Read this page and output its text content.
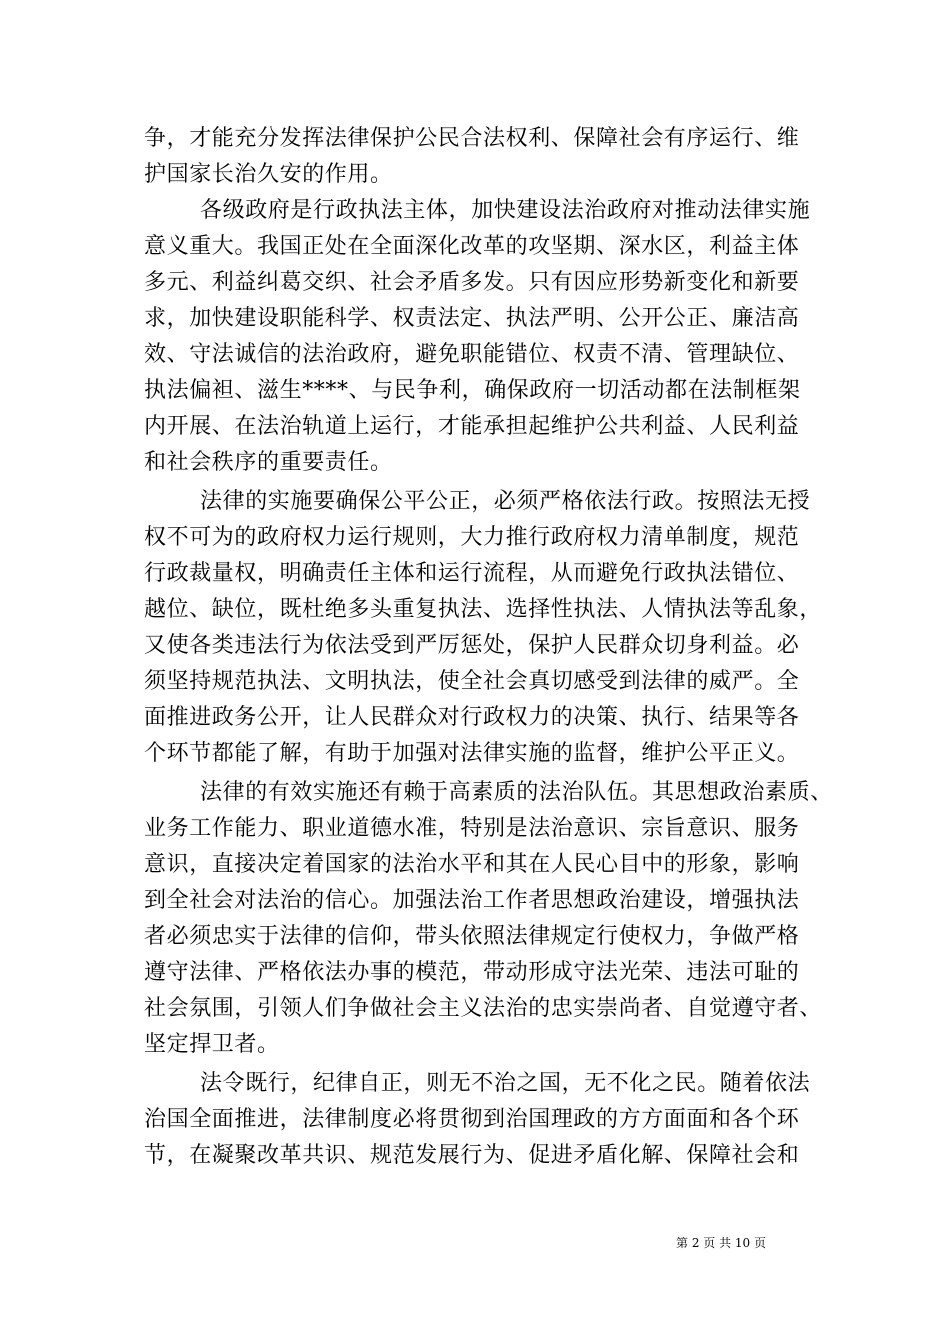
争，才能充分发挥法律保护公民合法权利、保障社会有序运行、维
护国家长治久安的作用。
各级政府是行政执法主体，加快建设法治政府对推动法律实施
意义重大。我国正处在全面深化改革的攻坚期、深水区，利益主体
多元、利益纠葛交织、社会矛盾多发。只有因应形势新变化和新要
求，加快建设职能科学、权责法定、执法严明、公开公正、廉洁高
效、守法诚信的法治政府，避免职能错位、权责不清、管理缺位、
执法偏袒、滋生****、与民争利，确保政府一切活动都在法制框架
内开展、在法治轨道上运行，才能承担起维护公共利益、人民利益
和社会秩序的重要责任。
法律的实施要确保公平公正，必须严格依法行政。按照法无授
权不可为的政府权力运行规则，大力推行政府权力清单制度，规范
行政裁量权，明确责任主体和运行流程，从而避免行政执法错位、
越位、缺位，既杜绝多头重复执法、选择性执法、人情执法等乱象，
又使各类违法行为依法受到严厉惩处，保护人民群众切身利益。必
须坚持规范执法、文明执法，使全社会真切感受到法律的威严。全
面推进政务公开，让人民群众对行政权力的决策、执行、结果等各
个环节都能了解，有助于加强对法律实施的监督，维护公平正义。
法律的有效实施还有赖于高素质的法治队伍。其思想政治素质、
业务工作能力、职业道德水准，特别是法治意识、宗旨意识、服务
意识，直接决定着国家的法治水平和其在人民心目中的形象，影响
到全社会对法治的信心。加强法治工作者思想政治建设，增强执法
者必须忠实于法律的信仰，带头依照法律规定行使权力，争做严格
遵守法律、严格依法办事的模范，带动形成守法光荣、违法可耻的
社会氛围，引领人们争做社会主义法治的忠实崇尚者、自觉遵守者、
坚定捍卫者。
法令既行，纪律自正，则无不治之国，无不化之民。随着依法
治国全面推进，法律制度必将贯彻到治国理政的方方面面和各个环
节，在凝聚改革共识、规范发展行为、促进矛盾化解、保障社会和
第 2 页 共 10 页
